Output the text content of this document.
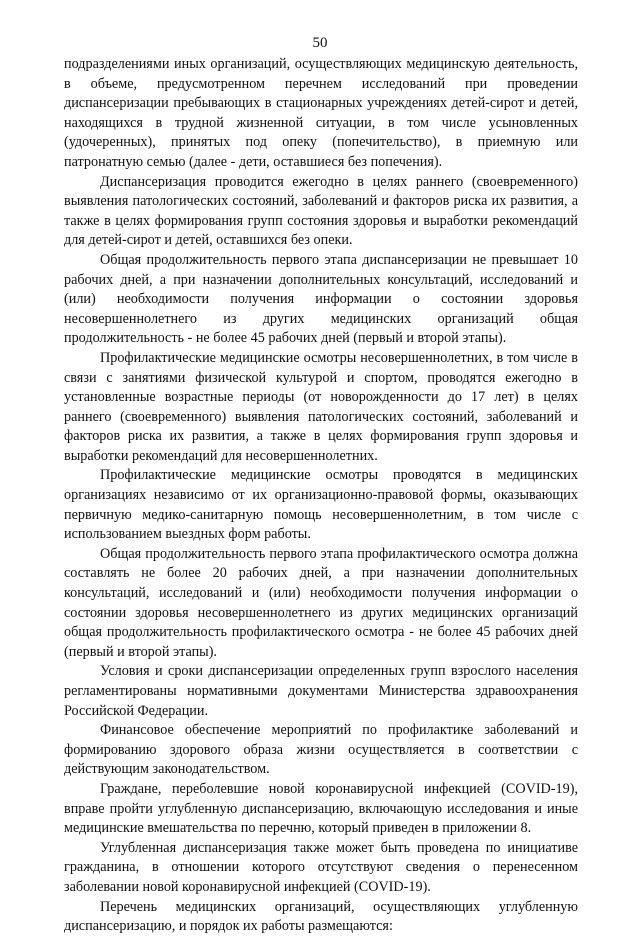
50

подразделениями иных организаций, осуществляющих медицинскую деятельность, в объеме, предусмотренном перечнем исследований при проведении диспансеризации пребывающих в стационарных учреждениях детей-сирот и детей, находящихся в трудной жизненной ситуации, в том числе усыновленных (удочеренных), принятых под опеку (попечительство), в приемную или патронатную семью (далее - дети, оставшиеся без попечения).

Диспансеризация проводится ежегодно в целях раннего (своевременного) выявления патологических состояний, заболеваний и факторов риска их развития, а также в целях формирования групп состояния здоровья и выработки рекомендаций для детей-сирот и детей, оставшихся без опеки.

Общая продолжительность первого этапа диспансеризации не превышает 10 рабочих дней, а при назначении дополнительных консультаций, исследований и (или) необходимости получения информации о состоянии здоровья несовершеннолетнего из других медицинских организаций общая продолжительность - не более 45 рабочих дней (первый и второй этапы).

Профилактические медицинские осмотры несовершеннолетних, в том числе в связи с занятиями физической культурой и спортом, проводятся ежегодно в установленные возрастные периоды (от новорожденности до 17 лет) в целях раннего (своевременного) выявления патологических состояний, заболеваний и факторов риска их развития, а также в целях формирования групп здоровья и выработки рекомендаций для несовершеннолетних.

Профилактические медицинские осмотры проводятся в медицинских организациях независимо от их организационно-правовой формы, оказывающих первичную медико-санитарную помощь несовершеннолетним, в том числе с использованием выездных форм работы.

Общая продолжительность первого этапа профилактического осмотра должна составлять не более 20 рабочих дней, а при назначении дополнительных консультаций, исследований и (или) необходимости получения информации о состоянии здоровья несовершеннолетнего из других медицинских организаций общая продолжительность профилактического осмотра - не более 45 рабочих дней (первый и второй этапы).

Условия и сроки диспансеризации определенных групп взрослого населения регламентированы нормативными документами Министерства здравоохранения Российской Федерации.

Финансовое обеспечение мероприятий по профилактике заболеваний и формированию здорового образа жизни осуществляется в соответствии с действующим законодательством.

Граждане, переболевшие новой коронавирусной инфекцией (COVID-19), вправе пройти углубленную диспансеризацию, включающую исследования и иные медицинские вмешательства по перечню, который приведен в приложении 8.

Углубленная диспансеризация также может быть проведена по инициативе гражданина, в отношении которого отсутствуют сведения о перенесенном заболевании новой коронавирусной инфекцией (COVID-19).

Перечень медицинских организаций, осуществляющих углубленную диспансеризацию, и порядок их работы размещаются:
